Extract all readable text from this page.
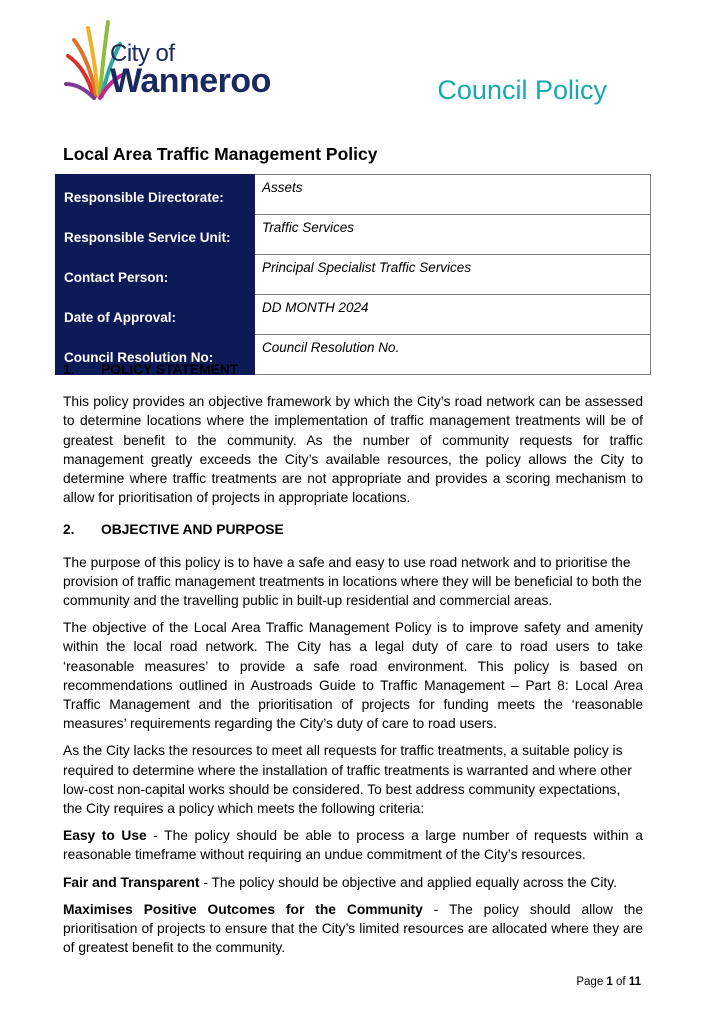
City of
Wanneroo	Council Policy
Local Area Traffic Management Policy
Responsible Directorate:	Assets
Responsible Service Unit:	Traffic Services
Contact Person:	Principal Specialist Traffic Services
Date of Approval:	DD MONTH 2024
Council Resolution No:	Council Resolution No.
1.	POLICY STATEMENT

This policy provides an objective framework by which the City’s road network can be assessed to determine locations where the implementation of traffic management treatments will be of greatest benefit to the community. As the number of community requests for traffic management greatly exceeds the City’s available resources, the policy allows the City to determine where traffic treatments are not appropriate and provides a scoring mechanism to allow for prioritisation of projects in appropriate locations.

2.	OBJECTIVE AND PURPOSE

The purpose of this policy is to have a safe and easy to use road network and to prioritise the provision of traffic management treatments in locations where they will be beneficial to both the community and the travelling public in built-up residential and commercial areas.

The objective of the Local Area Traffic Management Policy is to improve safety and amenity within the local road network. The City has a legal duty of care to road users to take ‘reasonable measures’ to provide a safe road environment. This policy is based on recommendations outlined in Austroads Guide to Traffic Management – Part 8: Local Area Traffic Management and the prioritisation of projects for funding meets the ‘reasonable measures’ requirements regarding the City’s duty of care to road users.

As the City lacks the resources to meet all requests for traffic treatments, a suitable policy is required to determine where the installation of traffic treatments is warranted and where other low-cost non-capital works should be considered. To best address community expectations, the City requires a policy which meets the following criteria:

Easy to Use - The policy should be able to process a large number of requests within a reasonable timeframe without requiring an undue commitment of the City’s resources.

Fair and Transparent - The policy should be objective and applied equally across the City.

Maximises Positive Outcomes for the Community - The policy should allow the prioritisation of projects to ensure that the City’s limited resources are allocated where they are of greatest benefit to the community.

Page 1 of 11
